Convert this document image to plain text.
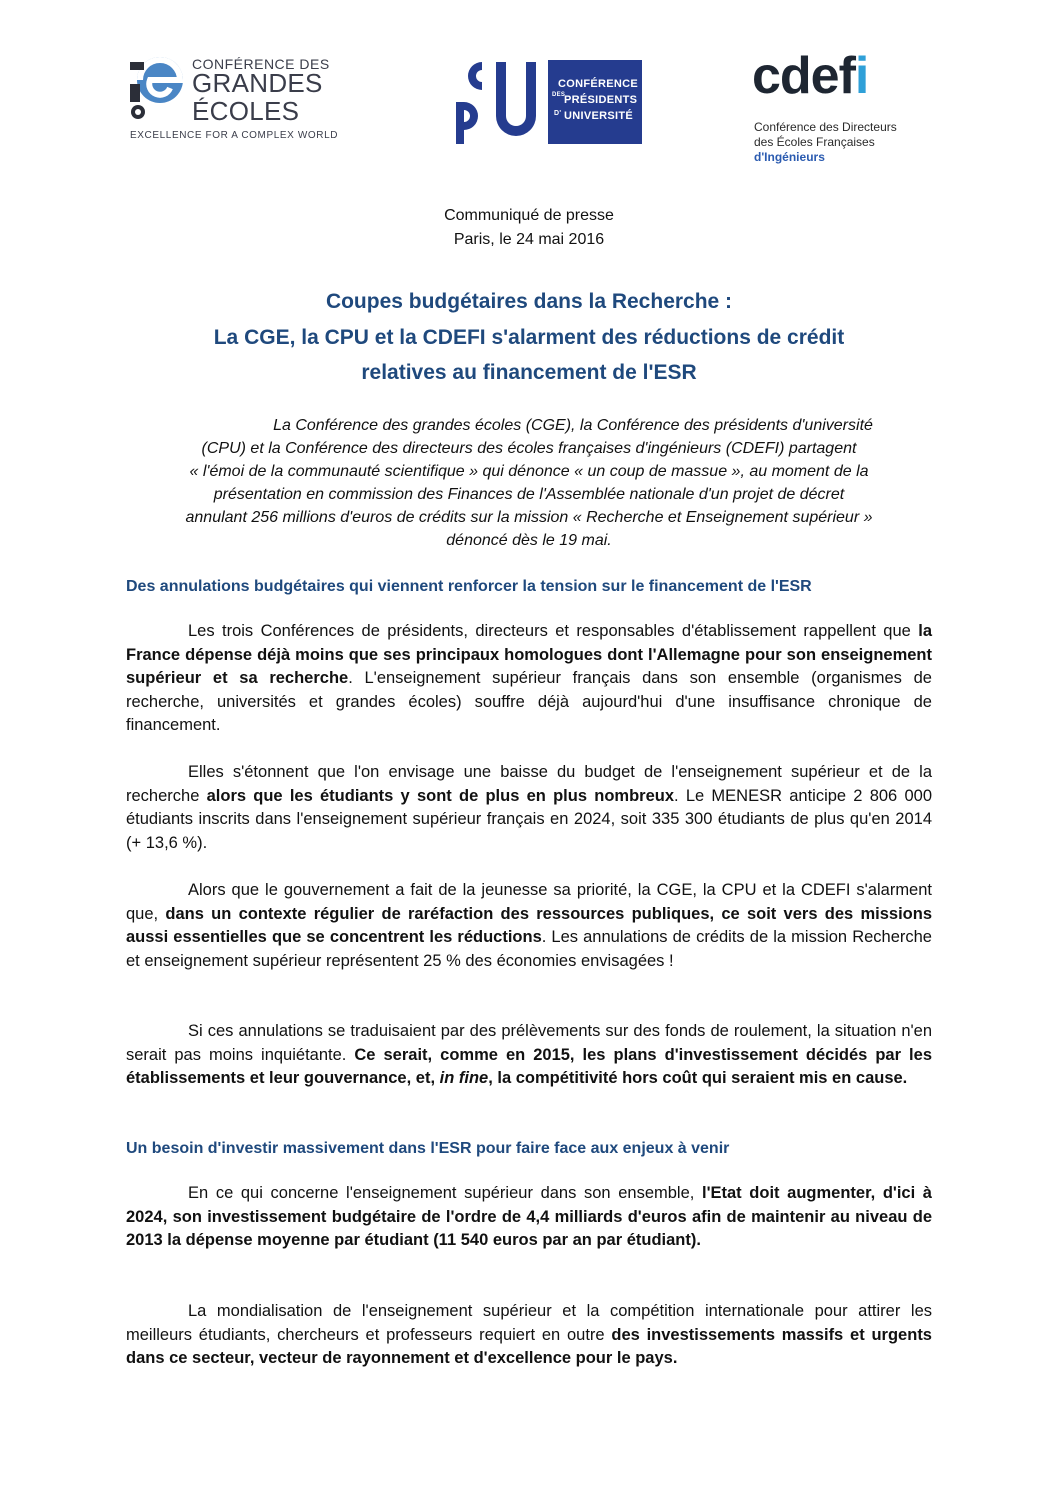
CONFÉRENCE DES
GRANDES
ÉCOLES
EXCELLENCE FOR A COMPLEX WORLD
CONFÉRENCE
DES
PRÉSIDENTS
D' UNIVERSITÉ
cdefi
Conférence des Directeurs
des Écoles Françaises
d'Ingénieurs
Communiqué de presse
Paris, le 24 mai 2016
Coupes budgétaires dans la Recherche :
La CGE, la CPU et la CDEFI s'alarment des réductions de crédit
relatives au financement de l'ESR
La Conférence des grandes écoles (CGE), la Conférence des présidents d'université
(CPU) et la Conférence des directeurs des écoles françaises d'ingénieurs (CDEFI) partagent
« l'émoi de la communauté scientifique » qui dénonce « un coup de massue », au moment de la
présentation en commission des Finances de l'Assemblée nationale d'un projet de décret
annulant 256 millions d'euros de crédits sur la mission « Recherche et Enseignement supérieur »
dénoncé dès le 19 mai.
Des annulations budgétaires qui viennent renforcer la tension sur le financement de l'ESR
Les trois Conférences de présidents, directeurs et responsables d'établissement rappellent que la France dépense déjà moins que ses principaux homologues dont l'Allemagne pour son enseignement supérieur et sa recherche. L'enseignement supérieur français dans son ensemble (organismes de recherche, universités et grandes écoles) souffre déjà aujourd'hui d'une insuffisance chronique de financement.
Elles s'étonnent que l'on envisage une baisse du budget de l'enseignement supérieur et de la recherche alors que les étudiants y sont de plus en plus nombreux. Le MENESR anticipe 2 806 000 étudiants inscrits dans l'enseignement supérieur français en 2024, soit 335 300 étudiants de plus qu'en 2014 (+ 13,6 %).
Alors que le gouvernement a fait de la jeunesse sa priorité, la CGE, la CPU et la CDEFI s'alarment que, dans un contexte régulier de raréfaction des ressources publiques, ce soit vers des missions aussi essentielles que se concentrent les réductions. Les annulations de crédits de la mission Recherche et enseignement supérieur représentent 25 % des économies envisagées !
Si ces annulations se traduisaient par des prélèvements sur des fonds de roulement, la situation n'en serait pas moins inquiétante. Ce serait, comme en 2015, les plans d'investissement décidés par les établissements et leur gouvernance, et, in fine, la compétitivité hors coût qui seraient mis en cause.
Un besoin d'investir massivement dans l'ESR pour faire face aux enjeux à venir
En ce qui concerne l'enseignement supérieur dans son ensemble, l'Etat doit augmenter, d'ici à 2024, son investissement budgétaire de l'ordre de 4,4 milliards d'euros afin de maintenir au niveau de 2013 la dépense moyenne par étudiant (11 540 euros par an par étudiant).
La mondialisation de l'enseignement supérieur et la compétition internationale pour attirer les meilleurs étudiants, chercheurs et professeurs requiert en outre des investissements massifs et urgents dans ce secteur, vecteur de rayonnement et d'excellence pour le pays.
